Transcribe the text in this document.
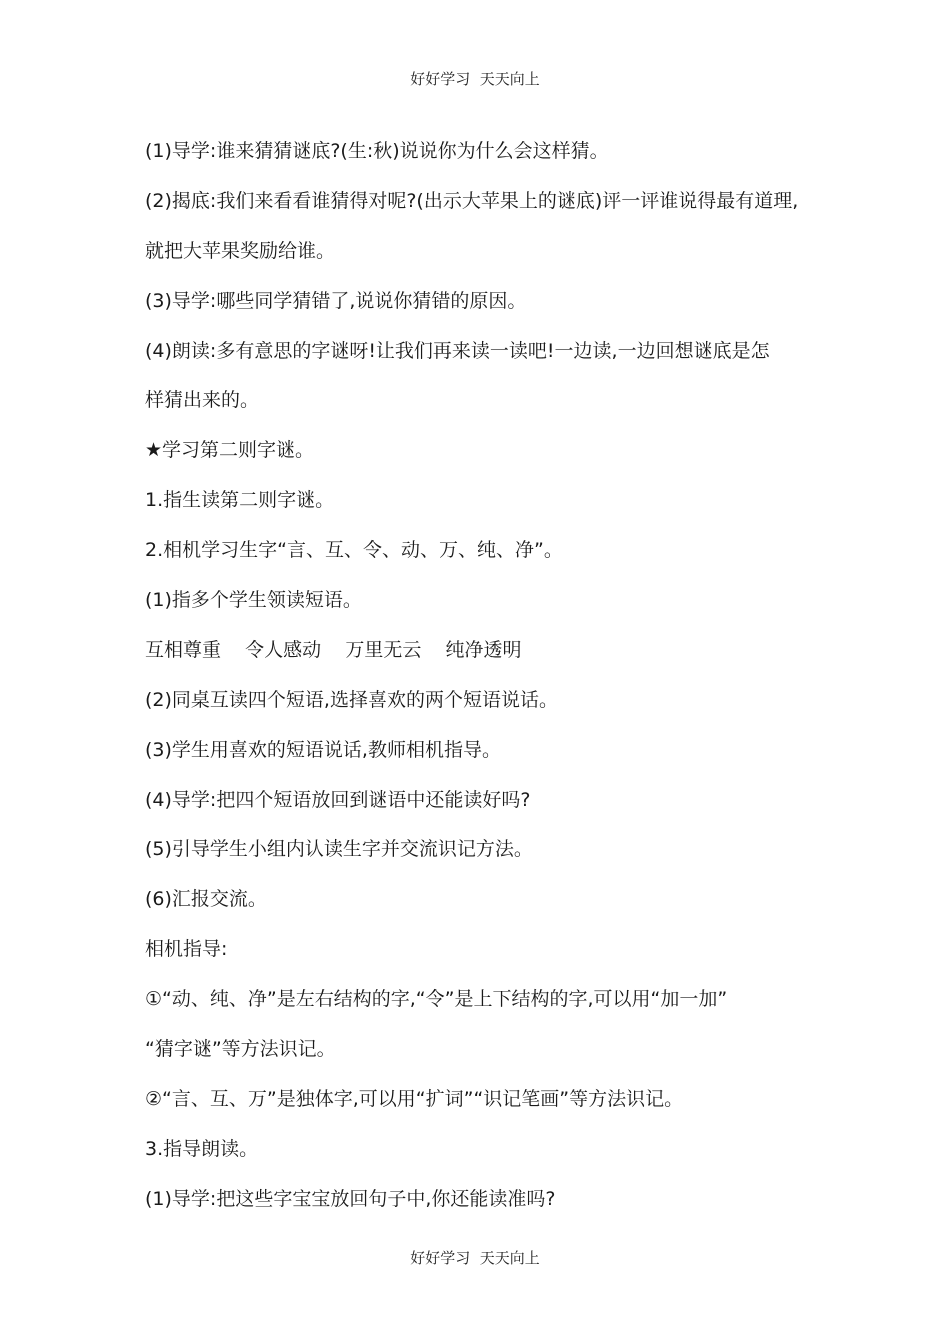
好好学习  天天向上
(1)导学:谁来猜猜谜底?(生:秋)说说你为什么会这样猜。
(2)揭底:我们来看看谁猜得对呢?(出示大苹果上的谜底)评一评谁说得最有道理,
就把大苹果奖励给谁。
(3)导学:哪些同学猜错了,说说你猜错的原因。
(4)朗读:多有意思的字谜呀!让我们再来读一读吧!一边读,一边回想谜底是怎
样猜出来的。
★学习第二则字谜。
1.指生读第二则字谜。
2.相机学习生字“言、互、令、动、万、纯、净”。
(1)指多个学生领读短语。
互相尊重    令人感动    万里无云    纯净透明
(2)同桌互读四个短语,选择喜欢的两个短语说话。
(3)学生用喜欢的短语说话,教师相机指导。
(4)导学:把四个短语放回到谜语中还能读好吗?
(5)引导学生小组内认读生字并交流识记方法。
(6)汇报交流。
相机指导:
①“动、纯、净”是左右结构的字,“令”是上下结构的字,可以用“加一加”
“猜字谜”等方法识记。
②“言、互、万”是独体字,可以用“扩词”“识记笔画”等方法识记。
3.指导朗读。
(1)导学:把这些字宝宝放回句子中,你还能读准吗?
好好学习  天天向上
